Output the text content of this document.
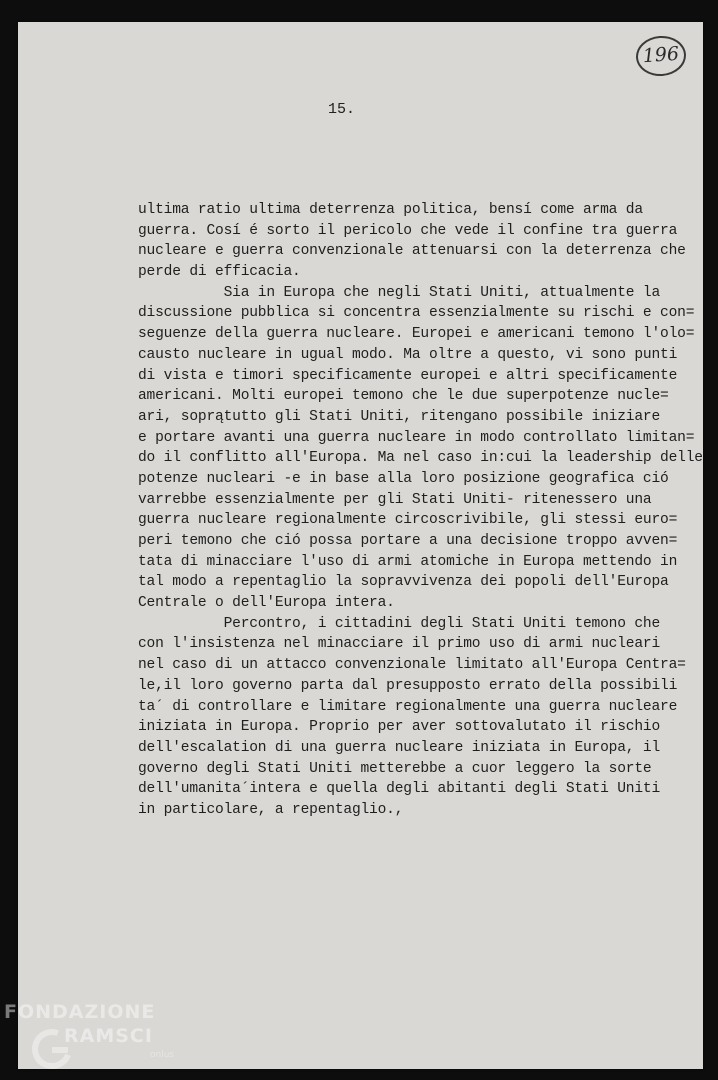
196
15.
ultima ratio ultima deterrenza politica, bensí come arma da
guerra. Cosí é sorto il pericolo che vede il confine tra guerra
nucleare e guerra convenzionale attenuarsi con la deterrenza che
perde di efficacia.
Sia in Europa che negli Stati Uniti, attualmente la
discussione pubblica si concentra essenzialmente su rischi e con=
seguenze della guerra nucleare. Europei e americani temono l'olo=
causto nucleare in ugual modo. Ma oltre a questo, vi sono punti
di vista e timori specificamente europei e altri specificamente
americani. Molti europei temono che le due superpotenze nucle=
ari, soprątutto gli Stati Uniti, ritengano possibile iniziare
e portare avanti una guerra nucleare in modo controllato limitan=
do il conflitto all'Europa. Ma nel caso in:cui la leadership delle
potenze nucleari -e in base alla loro posizione geografica ció
varrebbe essenzialmente per gli Stati Uniti- ritenessero una
guerra nucleare regionalmente circoscrivibile, gli stessi euro=
peri temono che ció possa portare a una decisione troppo avven=
tata di minacciare l'uso di armi atomiche in Europa mettendo in
tal modo a repentaglio la sopravvivenza dei popoli dell'Europa
Centrale o dell'Europa intera.
Percontro, i cittadini degli Stati Uniti temono che
con l'insistenza nel minacciare il primo uso di armi nucleari
nel caso di un attacco convenzionale limitato all'Europa Centra=
le,il loro governo parta dal presupposto errato della possibili
ta´ di controllare e limitare regionalmente una guerra nucleare
iniziata in Europa. Proprio per aver sottovalutato il rischio
dell'escalation di una guerra nucleare iniziata in Europa, il
governo degli Stati Uniti metterebbe a cuor leggero la sorte
dell'umanita´intera e quella degli abitanti degli Stati Uniti
in particolare, a repentaglio.,
FONDAZIONE
RAMSCI
onlus
